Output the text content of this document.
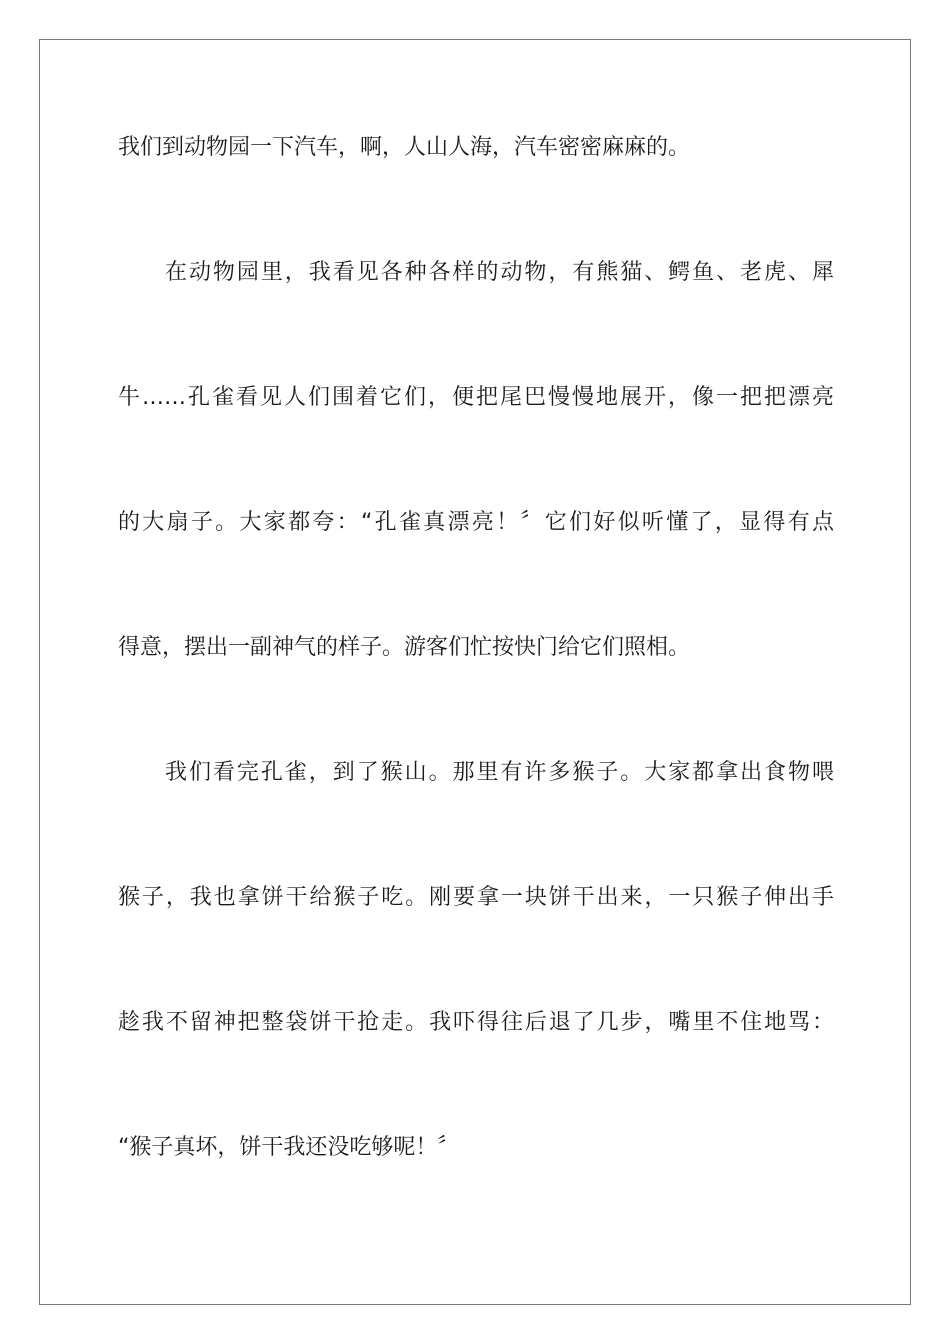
我们到动物园一下汽车，啊，人山人海，汽车密密麻麻的。
在动物园里，我看见各种各样的动物，有熊猫、鳄鱼、老虎、犀
牛……孔雀看见人们围着它们，便把尾巴慢慢地展开，像一把把漂亮
的大扇子。大家都夸：“孔雀真漂亮！〞它们好似听懂了，显得有点
得意，摆出一副神气的样子。游客们忙按快门给它们照相。
我们看完孔雀，到了猴山。那里有许多猴子。大家都拿出食物喂
猴子，我也拿饼干给猴子吃。刚要拿一块饼干出来，一只猴子伸出手
趁我不留神把整袋饼干抢走。我吓得往后退了几步，嘴里不住地骂：
“猴子真坏，饼干我还没吃够呢！〞
